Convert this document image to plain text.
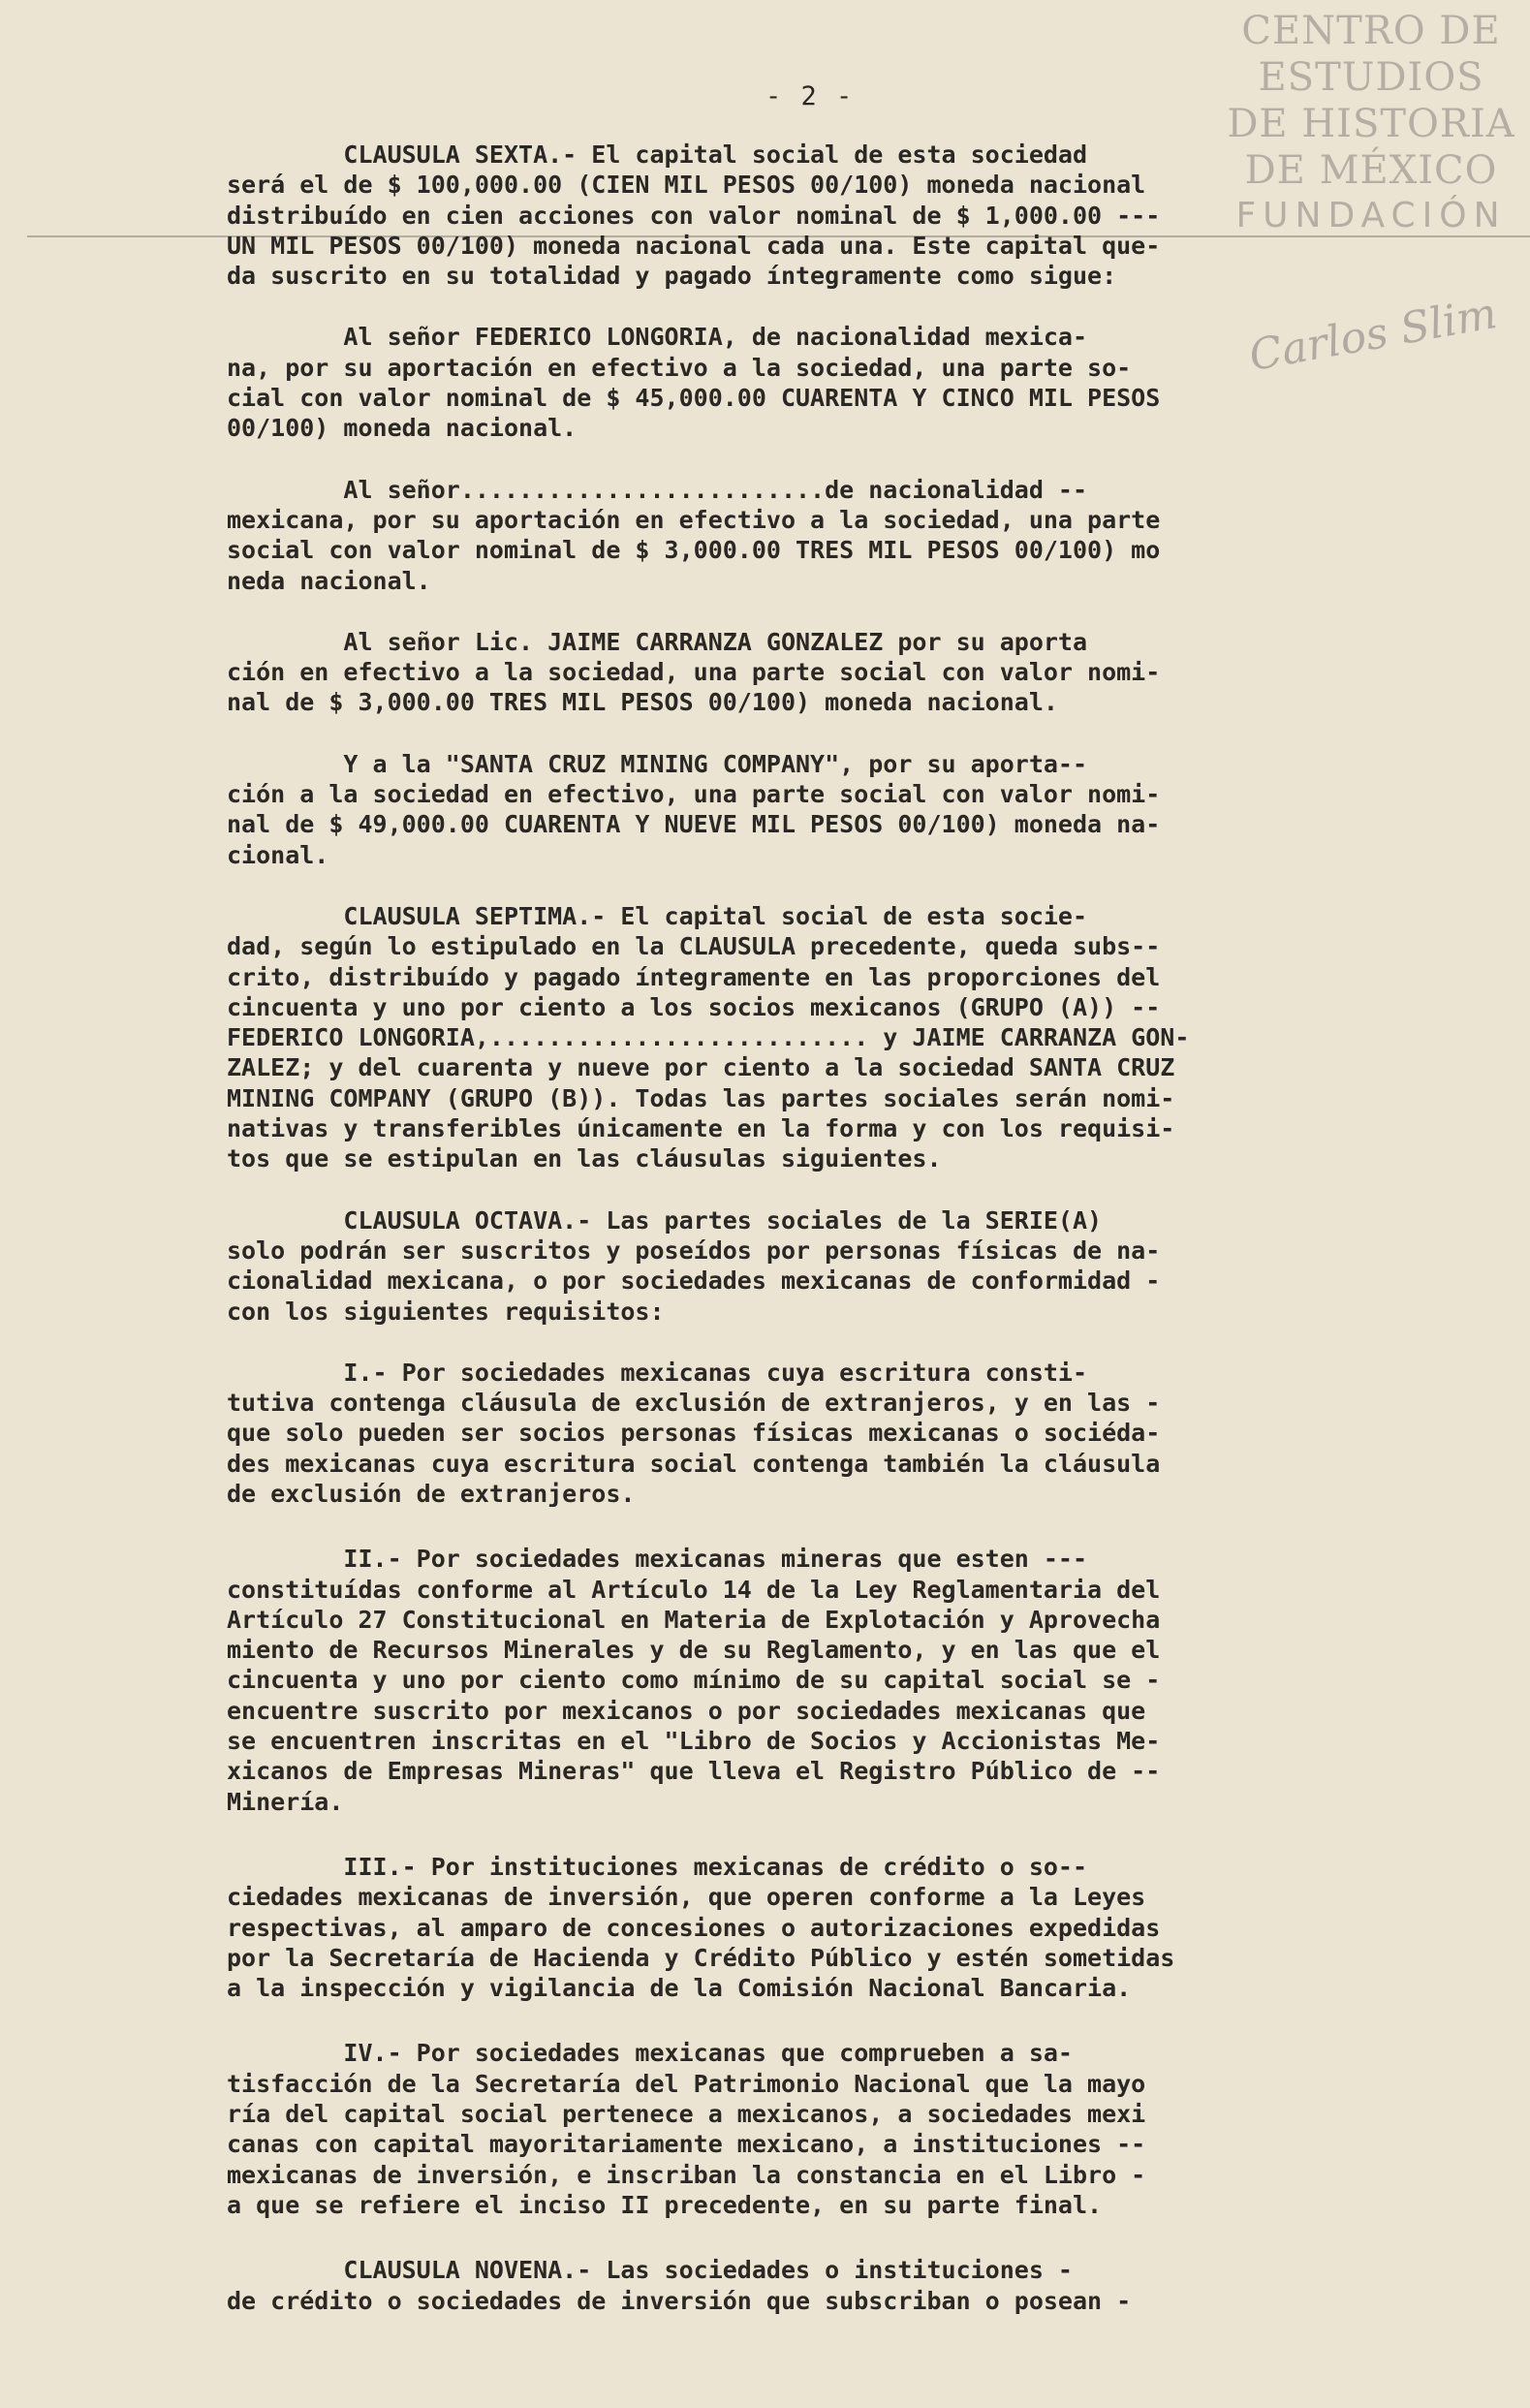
CENTRO DE
ESTUDIOS
DE HISTORIA
DE MÉXICO
FUNDACIÓN
Carlos Slim
- 2 -
CLAUSULA SEXTA.- El capital social de esta sociedad
será el de $ 100,000.00 (CIEN MIL PESOS 00/100) moneda nacional
distribuído en cien acciones con valor nominal de $ 1,000.00 ---
UN MIL PESOS 00/100) moneda nacional cada una. Este capital que-
da suscrito en su totalidad y pagado íntegramente como sigue:
Al señor FEDERICO LONGORIA, de nacionalidad mexica-
na, por su aportación en efectivo a la sociedad, una parte so-
cial con valor nominal de $ 45,000.00 CUARENTA Y CINCO MIL PESOS
00/100) moneda nacional.
Al señor.........................de nacionalidad --
mexicana, por su aportación en efectivo a la sociedad, una parte
social con valor nominal de $ 3,000.00 TRES MIL PESOS 00/100) mo
neda nacional.
Al señor Lic. JAIME CARRANZA GONZALEZ por su aporta
ción en efectivo a la sociedad, una parte social con valor nomi-
nal de $ 3,000.00 TRES MIL PESOS 00/100) moneda nacional.
Y a la "SANTA CRUZ MINING COMPANY", por su aporta--
ción a la sociedad en efectivo, una parte social con valor nomi-
nal de $ 49,000.00 CUARENTA Y NUEVE MIL PESOS 00/100) moneda na-
cional.
CLAUSULA SEPTIMA.- El capital social de esta socie-
dad, según lo estipulado en la CLAUSULA precedente, queda subs--
crito, distribuído y pagado íntegramente en las proporciones del
cincuenta y uno por ciento a los socios mexicanos (GRUPO (A)) --
FEDERICO LONGORIA,.......................... y JAIME CARRANZA GON-
ZALEZ; y del cuarenta y nueve por ciento a la sociedad SANTA CRUZ
MINING COMPANY (GRUPO (B)). Todas las partes sociales serán nomi-
nativas y transferibles únicamente en la forma y con los requisi-
tos que se estipulan en las cláusulas siguientes.
CLAUSULA OCTAVA.- Las partes sociales de la SERIE(A)
solo podrán ser suscritos y poseídos por personas físicas de na-
cionalidad mexicana, o por sociedades mexicanas de conformidad -
con los siguientes requisitos:
I.- Por sociedades mexicanas cuya escritura consti-
tutiva contenga cláusula de exclusión de extranjeros, y en las -
que solo pueden ser socios personas físicas mexicanas o sociéda-
des mexicanas cuya escritura social contenga también la cláusula
de exclusión de extranjeros.
II.- Por sociedades mexicanas mineras que esten ---
constituídas conforme al Artículo 14 de la Ley Reglamentaria del
Artículo 27 Constitucional en Materia de Explotación y Aprovecha
miento de Recursos Minerales y de su Reglamento, y en las que el
cincuenta y uno por ciento como mínimo de su capital social se -
encuentre suscrito por mexicanos o por sociedades mexicanas que
se encuentren inscritas en el "Libro de Socios y Accionistas Me-
xicanos de Empresas Mineras" que lleva el Registro Público de --
Minería.
III.- Por instituciones mexicanas de crédito o so--
ciedades mexicanas de inversión, que operen conforme a la Leyes
respectivas, al amparo de concesiones o autorizaciones expedidas
por la Secretaría de Hacienda y Crédito Público y estén sometidas
a la inspección y vigilancia de la Comisión Nacional Bancaria.
IV.- Por sociedades mexicanas que comprueben a sa-
tisfacción de la Secretaría del Patrimonio Nacional que la mayo
ría del capital social pertenece a mexicanos, a sociedades mexi
canas con capital mayoritariamente mexicano, a instituciones --
mexicanas de inversión, e inscriban la constancia en el Libro -
a que se refiere el inciso II precedente, en su parte final.
CLAUSULA NOVENA.- Las sociedades o instituciones -
de crédito o sociedades de inversión que subscriban o posean -
